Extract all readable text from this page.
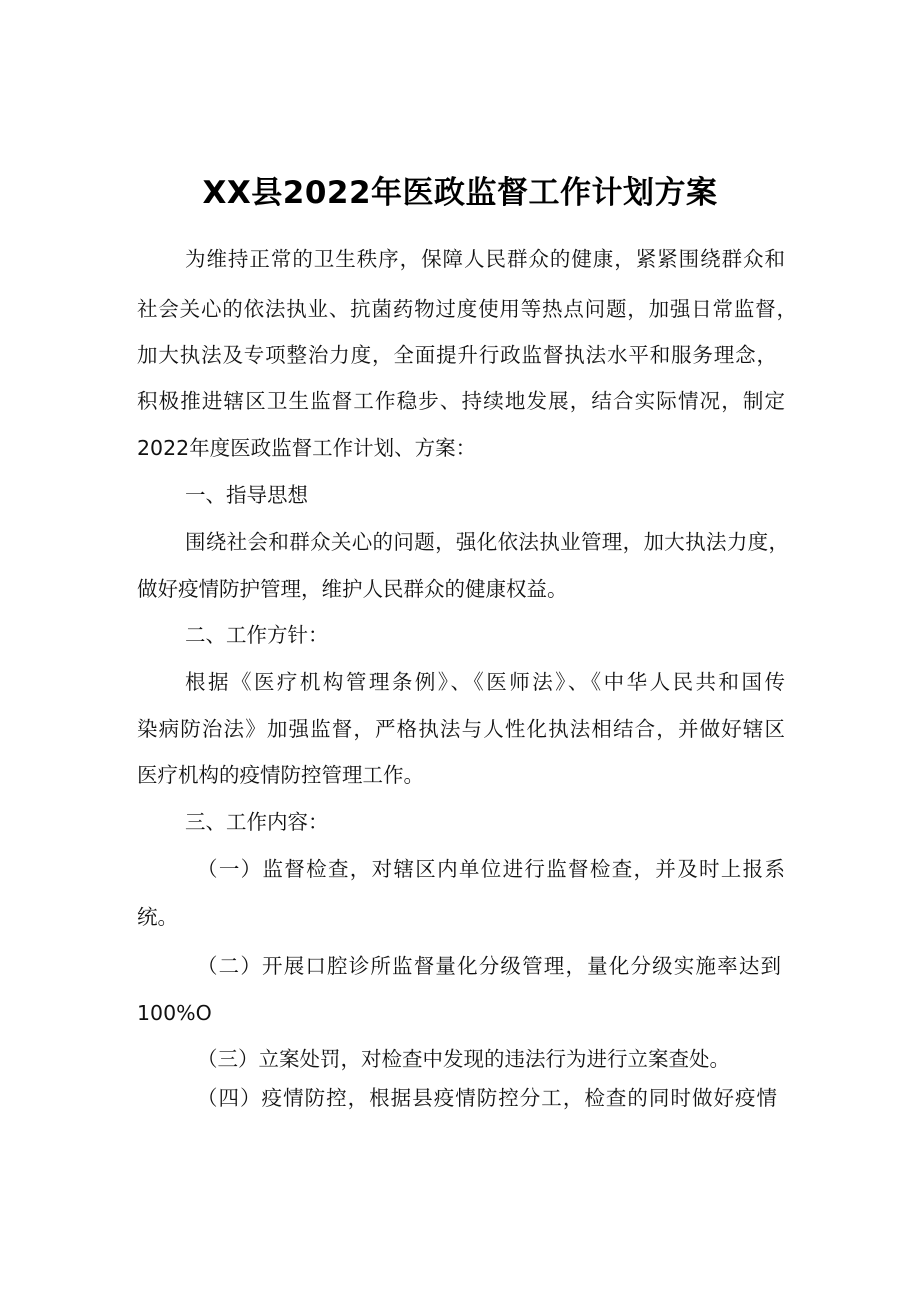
XX县2022年医政监督工作计划方案
为维持正常的卫生秩序，保障人民群众的健康，紧紧围绕群众和
社会关心的依法执业、抗菌药物过度使用等热点问题，加强日常监督，
加大执法及专项整治力度，全面提升行政监督执法水平和服务理念，
积极推进辖区卫生监督工作稳步、持续地发展，结合实际情况，制定
2022年度医政监督工作计划、方案：
一、指导思想
围绕社会和群众关心的问题，强化依法执业管理，加大执法力度，
做好疫情防护管理，维护人民群众的健康权益。
二、工作方针：
根据《医疗机构管理条例》、《医师法》、《中华人民共和国传
染病防治法》加强监督，严格执法与人性化执法相结合，并做好辖区
医疗机构的疫情防控管理工作。
三、工作内容：
（一）监督检查，对辖区内单位进行监督检查，并及时上报系
统。
（二）开展口腔诊所监督量化分级管理，量化分级实施率达到
100%O
（三）立案处罚，对检查中发现的违法行为进行立案查处。
（四）疫情防控，根据县疫情防控分工，检查的同时做好疫情
